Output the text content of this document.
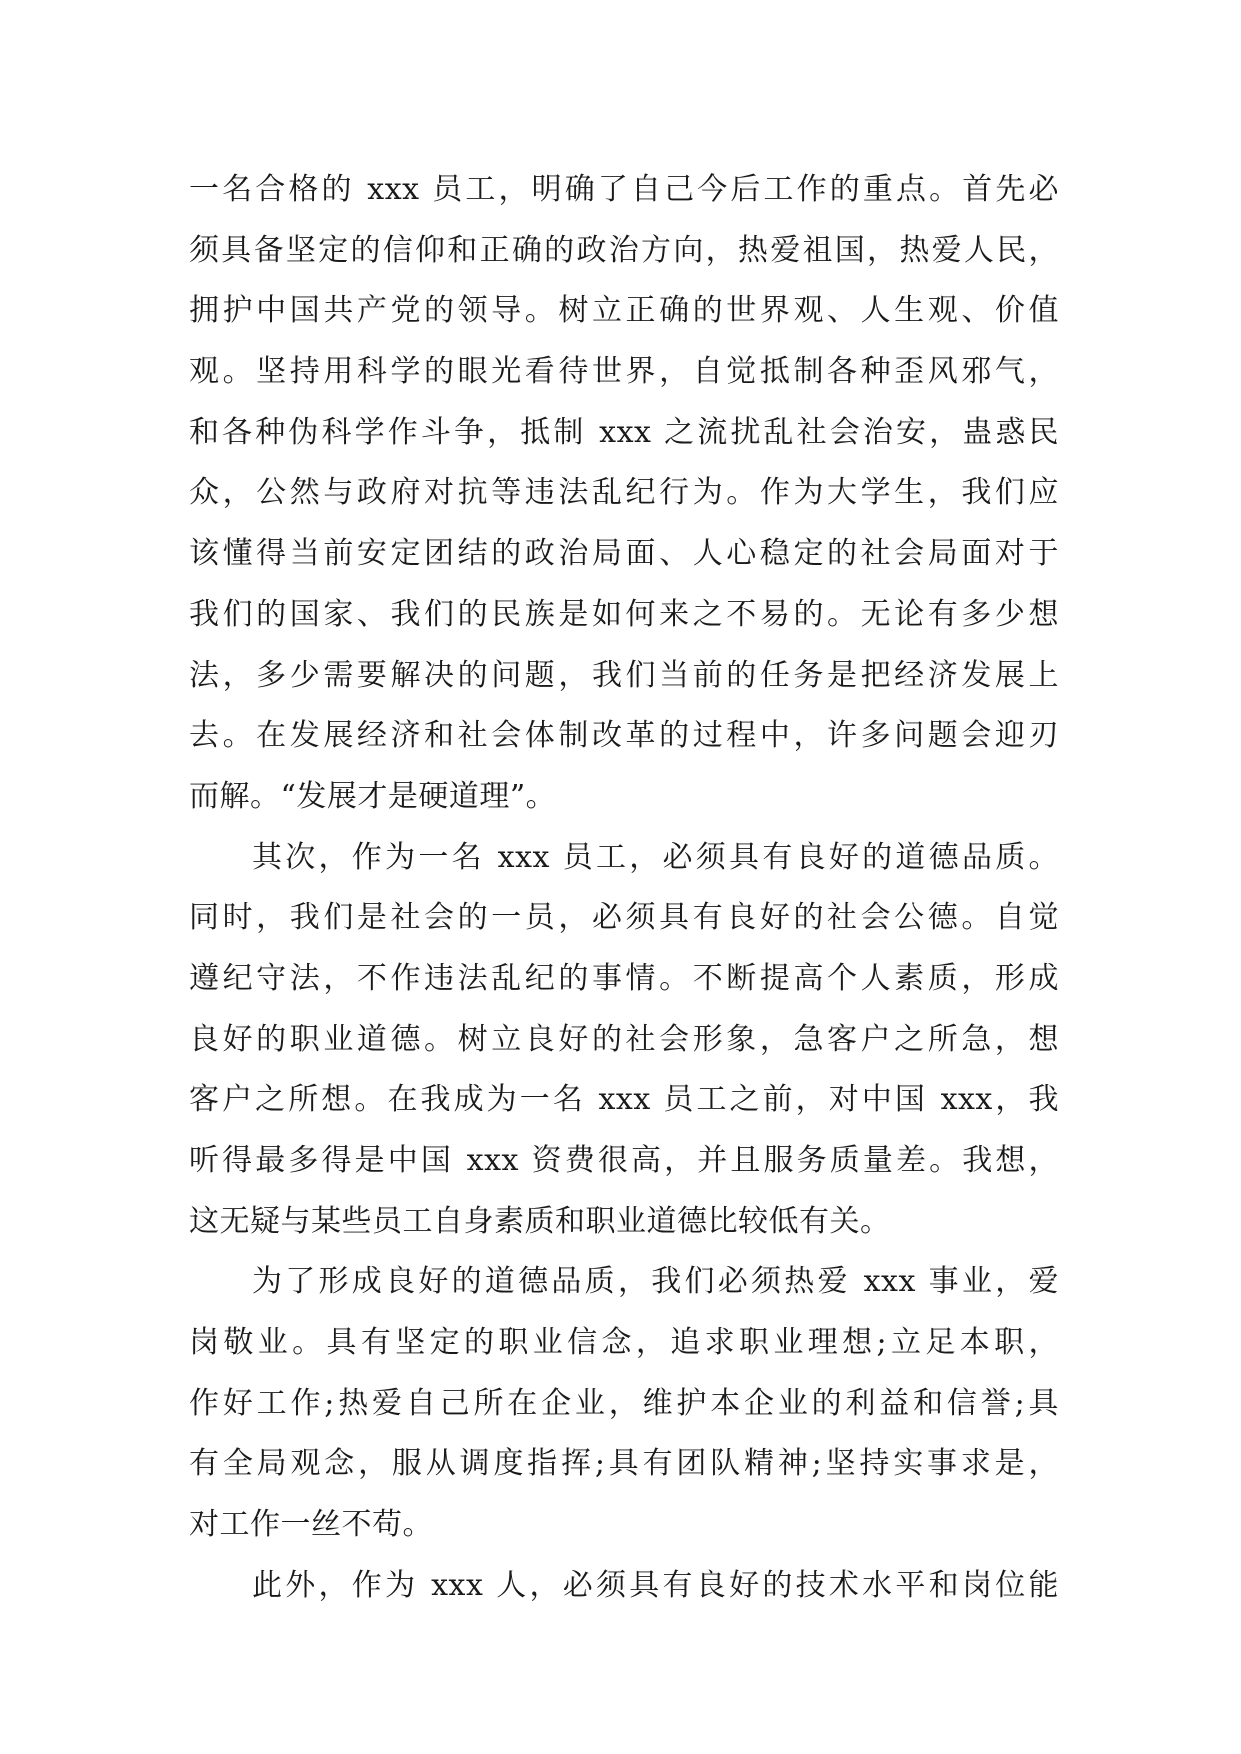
一名合格的 xxx 员工，明确了自己今后工作的重点。首先必
须具备坚定的信仰和正确的政治方向，热爱祖国，热爱人民，
拥护中国共产党的领导。树立正确的世界观、人生观、价值
观。坚持用科学的眼光看待世界，自觉抵制各种歪风邪气，
和各种伪科学作斗争，抵制 xxx 之流扰乱社会治安，蛊惑民
众，公然与政府对抗等违法乱纪行为。作为大学生，我们应
该懂得当前安定团结的政治局面、人心稳定的社会局面对于
我们的国家、我们的民族是如何来之不易的。无论有多少想
法，多少需要解决的问题，我们当前的任务是把经济发展上
去。在发展经济和社会体制改革的过程中，许多问题会迎刃
而解。“发展才是硬道理”。
其次，作为一名 xxx 员工，必须具有良好的道德品质。
同时，我们是社会的一员，必须具有良好的社会公德。自觉
遵纪守法，不作违法乱纪的事情。不断提高个人素质，形成
良好的职业道德。树立良好的社会形象，急客户之所急，想
客户之所想。在我成为一名 xxx 员工之前，对中国 xxx，我
听得最多得是中国 xxx 资费很高，并且服务质量差。我想，
这无疑与某些员工自身素质和职业道德比较低有关。
为了形成良好的道德品质，我们必须热爱 xxx 事业，爱
岗敬业。具有坚定的职业信念，追求职业理想;立足本职，
作好工作;热爱自己所在企业，维护本企业的利益和信誉;具
有全局观念，服从调度指挥;具有团队精神;坚持实事求是，
对工作一丝不苟。
此外，作为 xxx 人，必须具有良好的技术水平和岗位能
